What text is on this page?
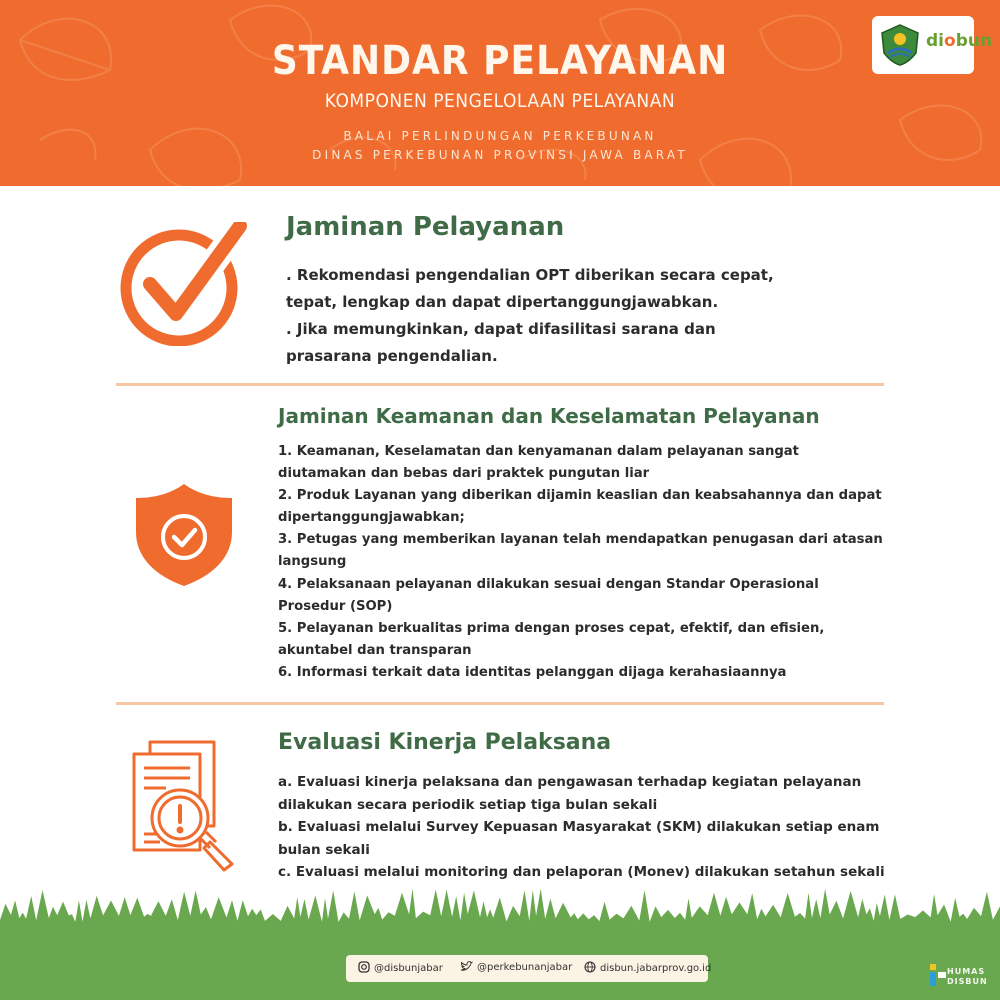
STANDAR PELAYANAN
KOMPONEN PENGELOLAAN PELAYANAN
BALAI PERLINDUNGAN PERKEBUNAN
DINAS PERKEBUNAN PROVINSI JAWA BARAT
diobun
Jaminan Pelayanan
. Rekomendasi pengendalian OPT diberikan secara cepat,
tepat, lengkap dan dapat dipertanggungjawabkan.
. Jika memungkinkan, dapat difasilitasi sarana dan
prasarana pengendalian.
Jaminan Keamanan dan Keselamatan Pelayanan
1. Keamanan, Keselamatan dan kenyamanan dalam pelayanan sangat
diutamakan dan bebas dari praktek pungutan liar
2. Produk Layanan yang diberikan dijamin keaslian dan keabsahannya dan dapat
dipertanggungjawabkan;
3. Petugas yang memberikan layanan telah mendapatkan penugasan dari atasan
langsung
4. Pelaksanaan pelayanan dilakukan sesuai dengan Standar Operasional
Prosedur (SOP)
5. Pelayanan berkualitas prima dengan proses cepat, efektif, dan efisien,
akuntabel dan transparan
6. Informasi terkait data identitas pelanggan dijaga kerahasiaannya
Evaluasi Kinerja Pelaksana
a. Evaluasi kinerja pelaksana dan pengawasan terhadap kegiatan pelayanan
dilakukan secara periodik setiap tiga bulan sekali
b. Evaluasi melalui Survey Kepuasan Masyarakat (SKM) dilakukan setiap enam
bulan sekali
c. Evaluasi melalui monitoring dan pelaporan (Monev) dilakukan setahun sekali
@disbunjabar	@perkebunanjabar	disbun.jabarprov.go.id	HUMAS
DISBUN
